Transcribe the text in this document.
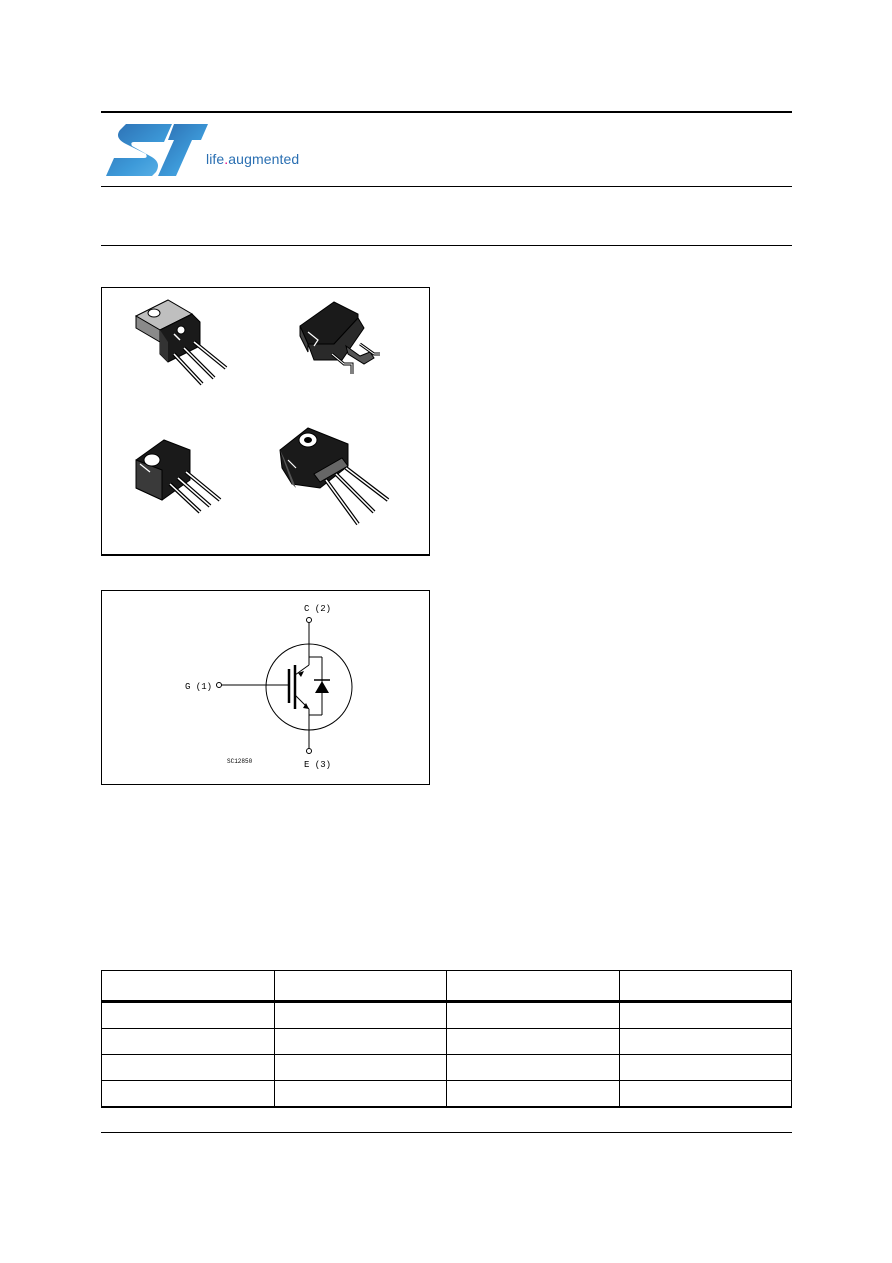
life.augmented
C (2)
G (1)
E (3)
SC12850
